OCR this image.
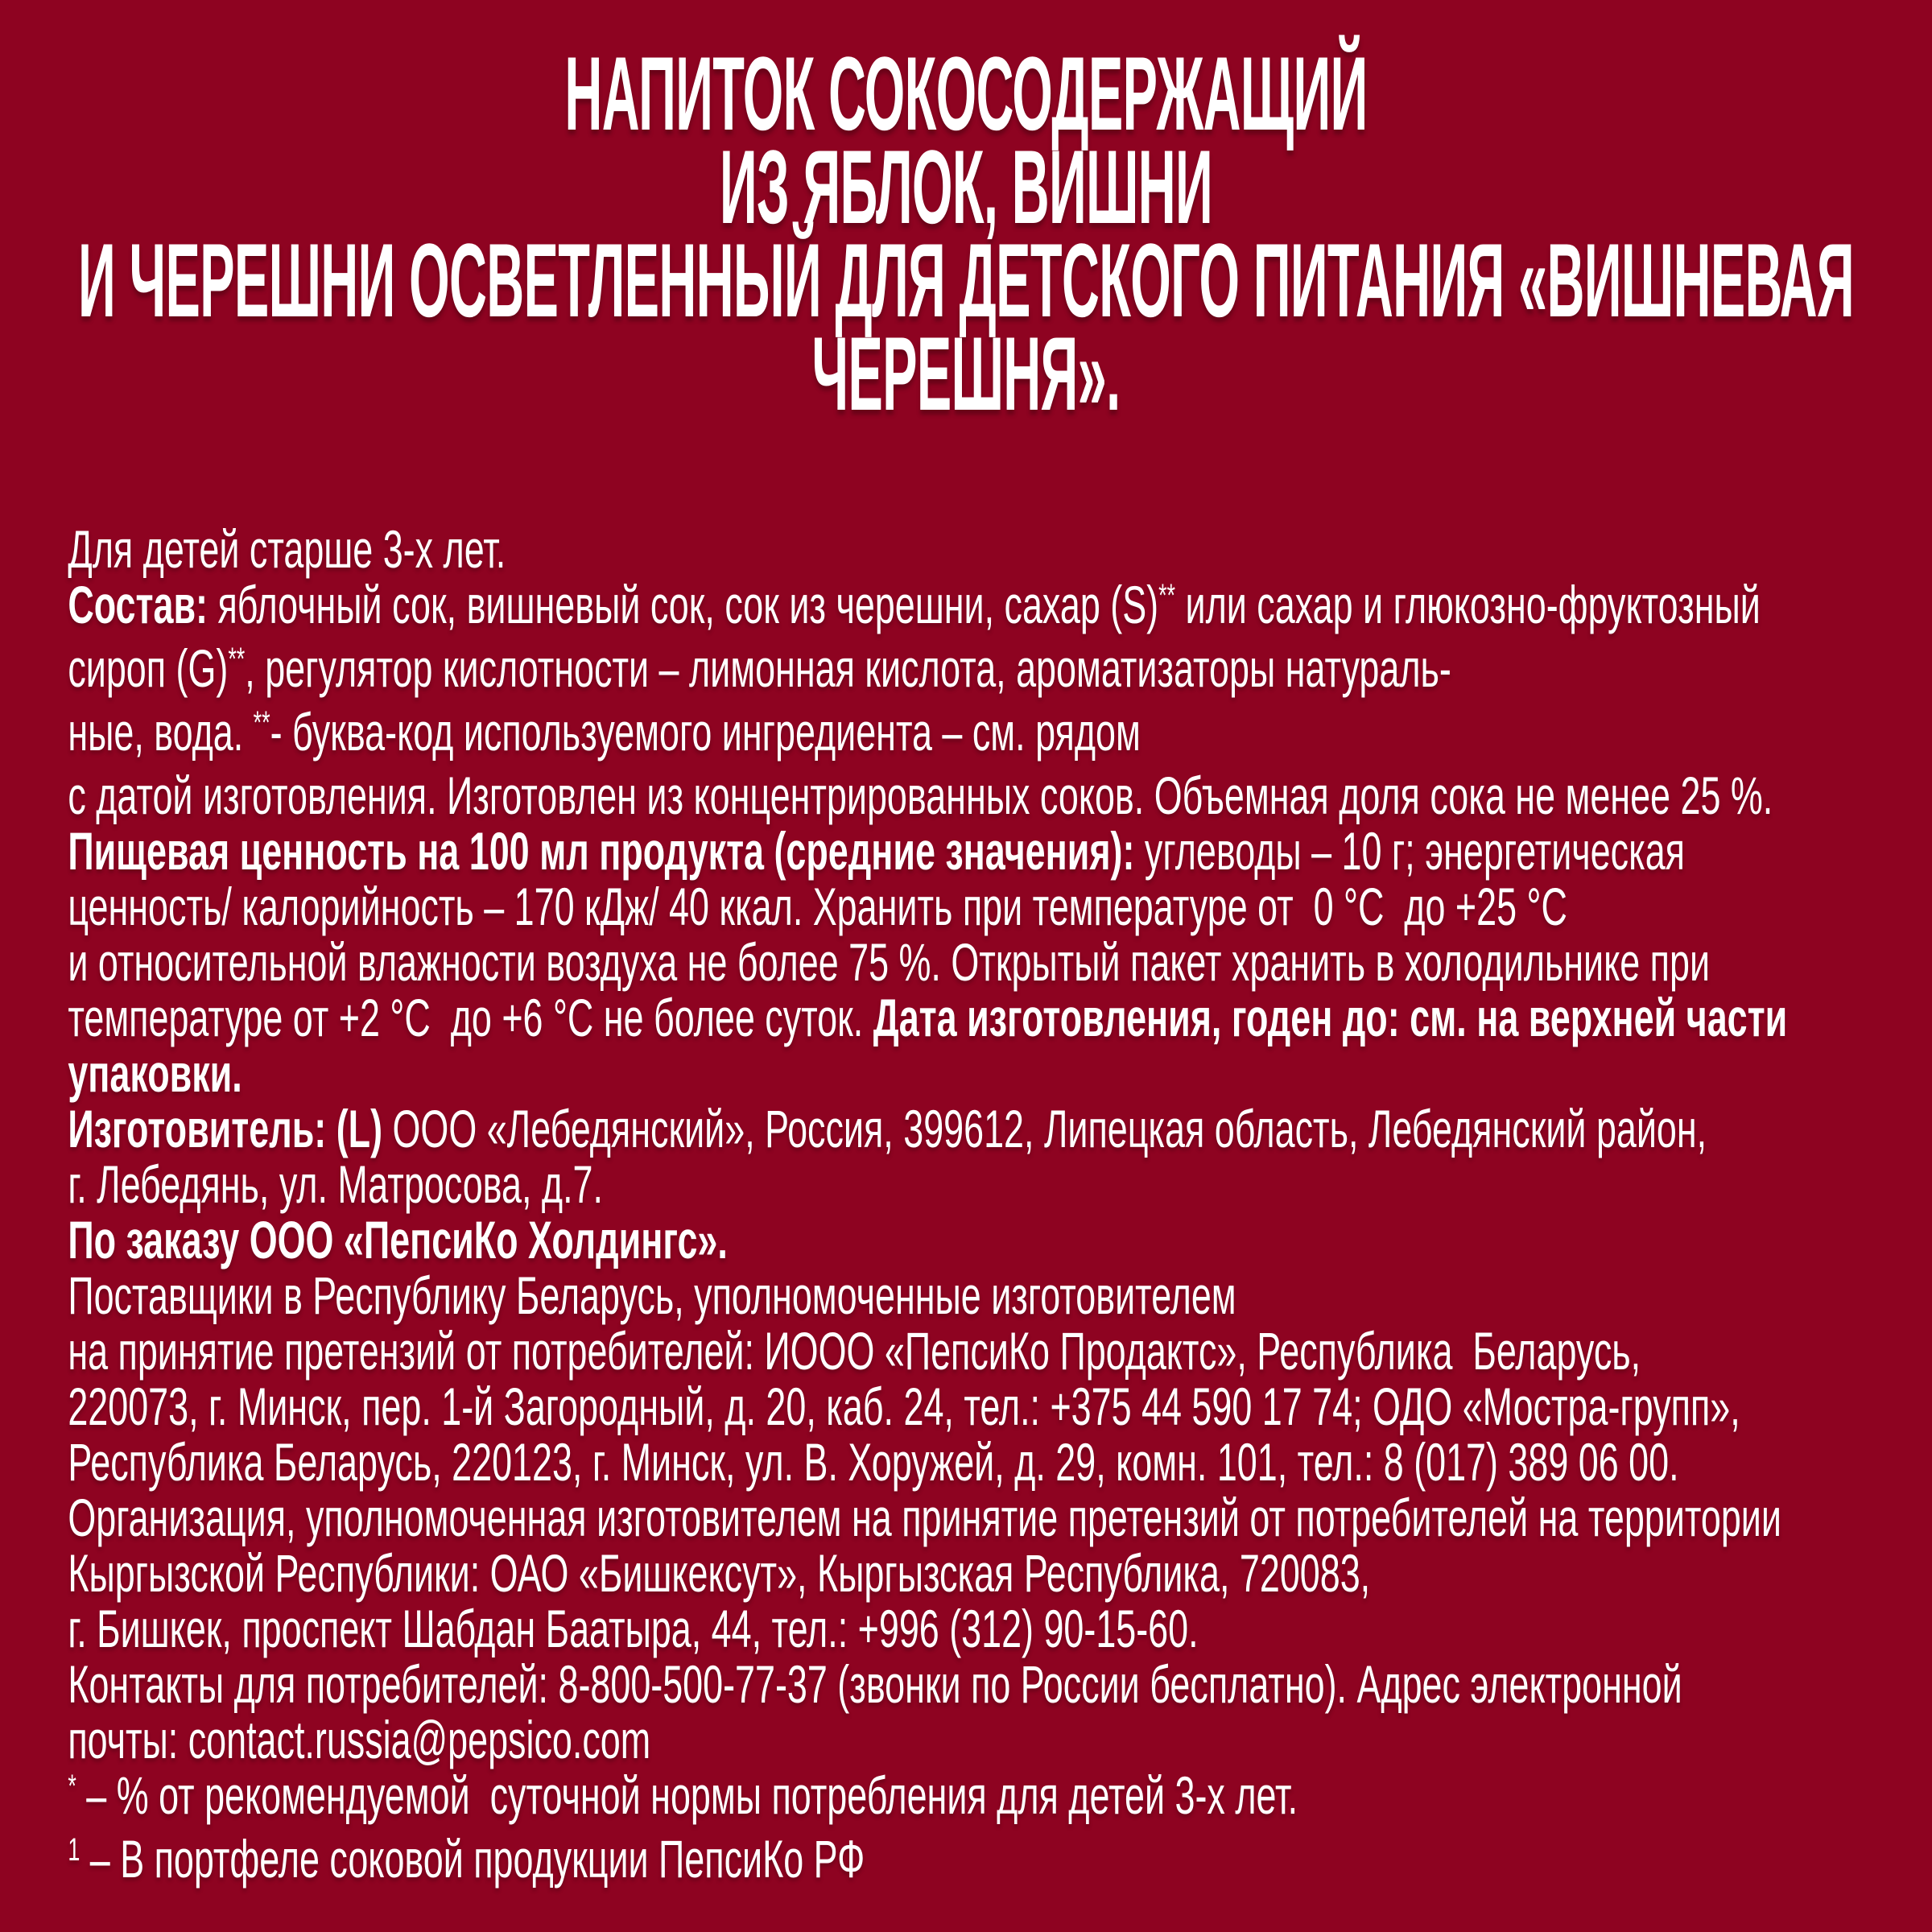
НАПИТОК СОКОСОДЕРЖАЩИЙ
ИЗ ЯБЛОК, ВИШНИ
И ЧЕРЕШНИ ОСВЕТЛЕННЫЙ ДЛЯ ДЕТСКОГО ПИТАНИЯ «ВИШНЕВАЯ
ЧЕРЕШНЯ».
Для детей старше 3-х лет.
Состав: яблочный сок, вишневый сок, сок из черешни, сахар (S)** или сахар и глюкозно-фруктозный
сироп (G)**, регулятор кислотности – лимонная кислота, ароматизаторы натураль-
ные, вода. **- буква-код используемого ингредиента – см. рядом
с датой изготовления. Изготовлен из концентрированных соков. Объемная доля сока не менее 25 %.
Пищевая ценность на 100 мл продукта (средние значения): углеводы – 10 г; энергетическая
ценность/ калорийность – 170 кДж/ 40 ккал. Хранить при температуре от  0 °С  до +25 °С
и относительной влажности воздуха не более 75 %. Открытый пакет хранить в холодильнике при
температуре от +2 °С  до +6 °С не более суток. Дата изготовления, годен до: см. на верхней части
упаковки.
Изготовитель: (L) ООО «Лебедянский», Россия, 399612, Липецкая область, Лебедянский район,
г. Лебедянь, ул. Матросова, д.7.
По заказу ООО «ПепсиКо Холдингс».
Поставщики в Республику Беларусь, уполномоченные изготовителем
на принятие претензий от потребителей: ИООО «ПепсиКо Продактс», Республика  Беларусь,
220073, г. Минск, пер. 1-й Загородный, д. 20, каб. 24, тел.: +375 44 590 17 74; ОДО «Мостра-групп»,
Республика Беларусь, 220123, г. Минск, ул. В. Хоружей, д. 29, комн. 101, тел.: 8 (017) 389 06 00.
Организация, уполномоченная изготовителем на принятие претензий от потребителей на территории
Кыргызской Республики: ОАО «Бишкексут», Кыргызская Республика, 720083,
г. Бишкек, проспект Шабдан Баатыра, 44, тел.: +996 (312) 90-15-60.
Контакты для потребителей: 8-800-500-77-37 (звонки по России бесплатно). Адрес электронной
почты: contact.russia@pepsico.com
* – % от рекомендуемой  суточной нормы потребления для детей 3-х лет.
$^1$ – В портфеле соковой продукции ПепсиКо РФ
